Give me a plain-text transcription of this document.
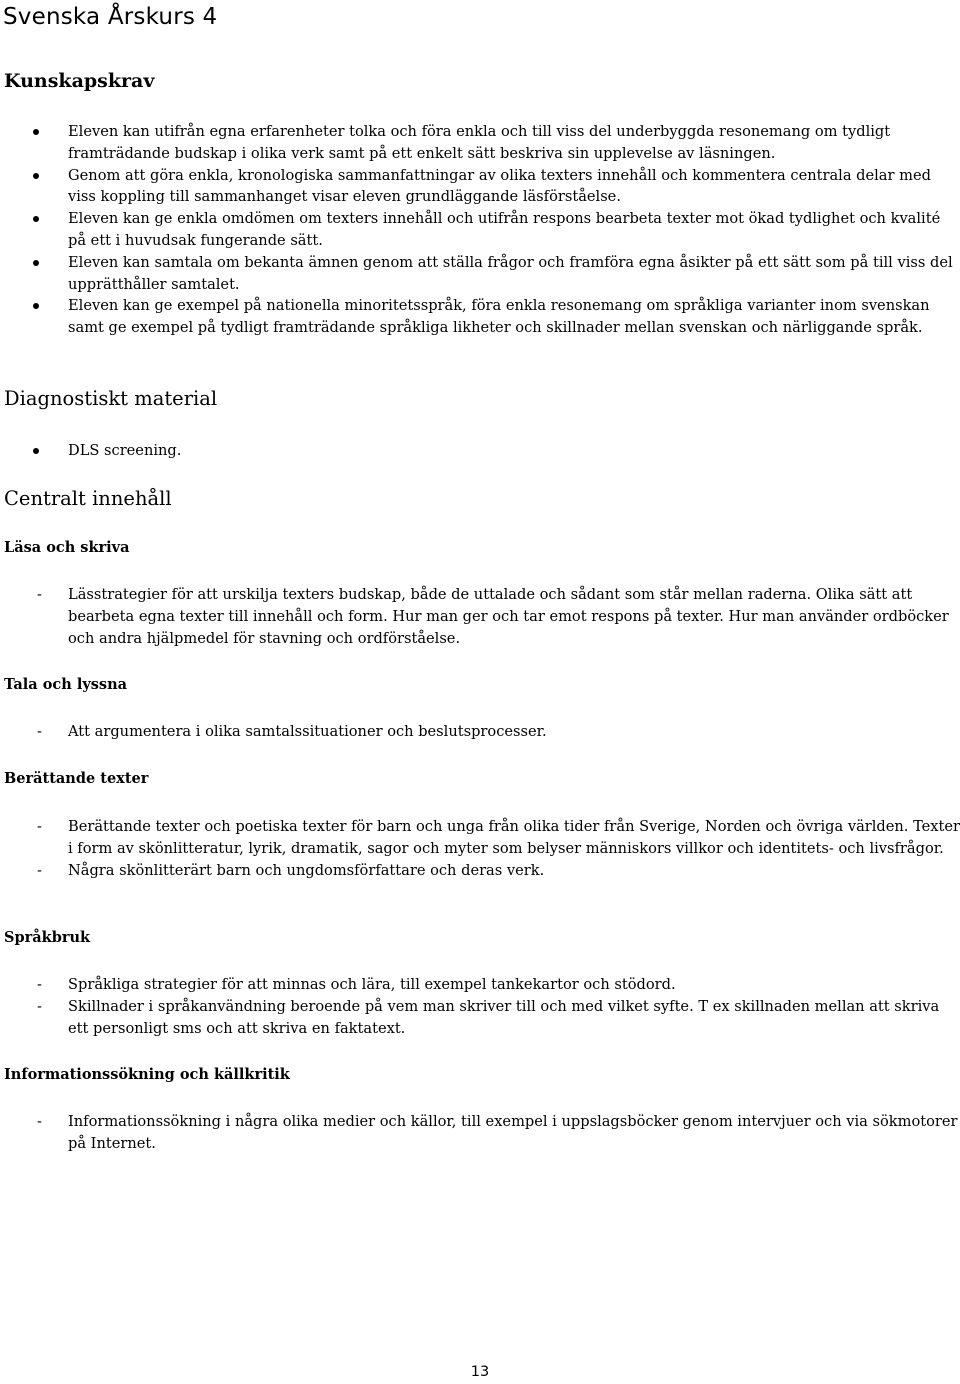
Svenska Årskurs 4
Kunskapskrav
Eleven kan utifrån egna erfarenheter tolka och föra enkla och till viss del underbyggda resonemang om tydligt framträdande budskap i olika verk samt på ett enkelt sätt beskriva sin upplevelse av läsningen.
Genom att göra enkla, kronologiska sammanfattningar av olika texters innehåll och kommentera centrala delar med viss koppling till sammanhanget visar eleven grundläggande läsförståelse.
Eleven kan ge enkla omdömen om texters innehåll och utifrån respons bearbeta texter mot ökad tydlighet och kvalité på ett i huvudsak fungerande sätt.
Eleven kan samtala om bekanta ämnen genom att ställa frågor och framföra egna åsikter på ett sätt som på till viss del upprätthåller samtalet.
Eleven kan ge exempel på nationella minoritetsspråk, föra enkla resonemang om språkliga varianter inom svenskan samt ge exempel på tydligt framträdande språkliga likheter och skillnader mellan svenskan och närliggande språk.
Diagnostiskt material
DLS screening.
Centralt innehåll
Läsa och skriva
-	Lässtrategier för att urskilja texters budskap, både de uttalade och sådant som står mellan raderna. Olika sätt att bearbeta egna texter till innehåll och form. Hur man ger och tar emot respons på texter. Hur man använder ordböcker och andra hjälpmedel för stavning och ordförståelse.
Tala och lyssna
-	Att argumentera i olika samtalssituationer och beslutsprocesser.
Berättande texter
-	Berättande texter och poetiska texter för barn och unga från olika tider från Sverige, Norden och övriga världen. Texter i form av skönlitteratur, lyrik, dramatik, sagor och myter som belyser människors villkor och identitets- och livsfrågor.
-	Några skönlitterärt barn och ungdomsförfattare och deras verk.
Språkbruk
-	Språkliga strategier för att minnas och lära, till exempel tankekartor och stödord.
-	Skillnader i språkanvändning beroende på vem man skriver till och med vilket syfte. T ex skillnaden mellan att skriva ett personligt sms och att skriva en faktatext.
Informationssökning och källkritik
-	Informationssökning i några olika medier och källor, till exempel i uppslagsböcker genom intervjuer och via sökmotorer på Internet.

13
